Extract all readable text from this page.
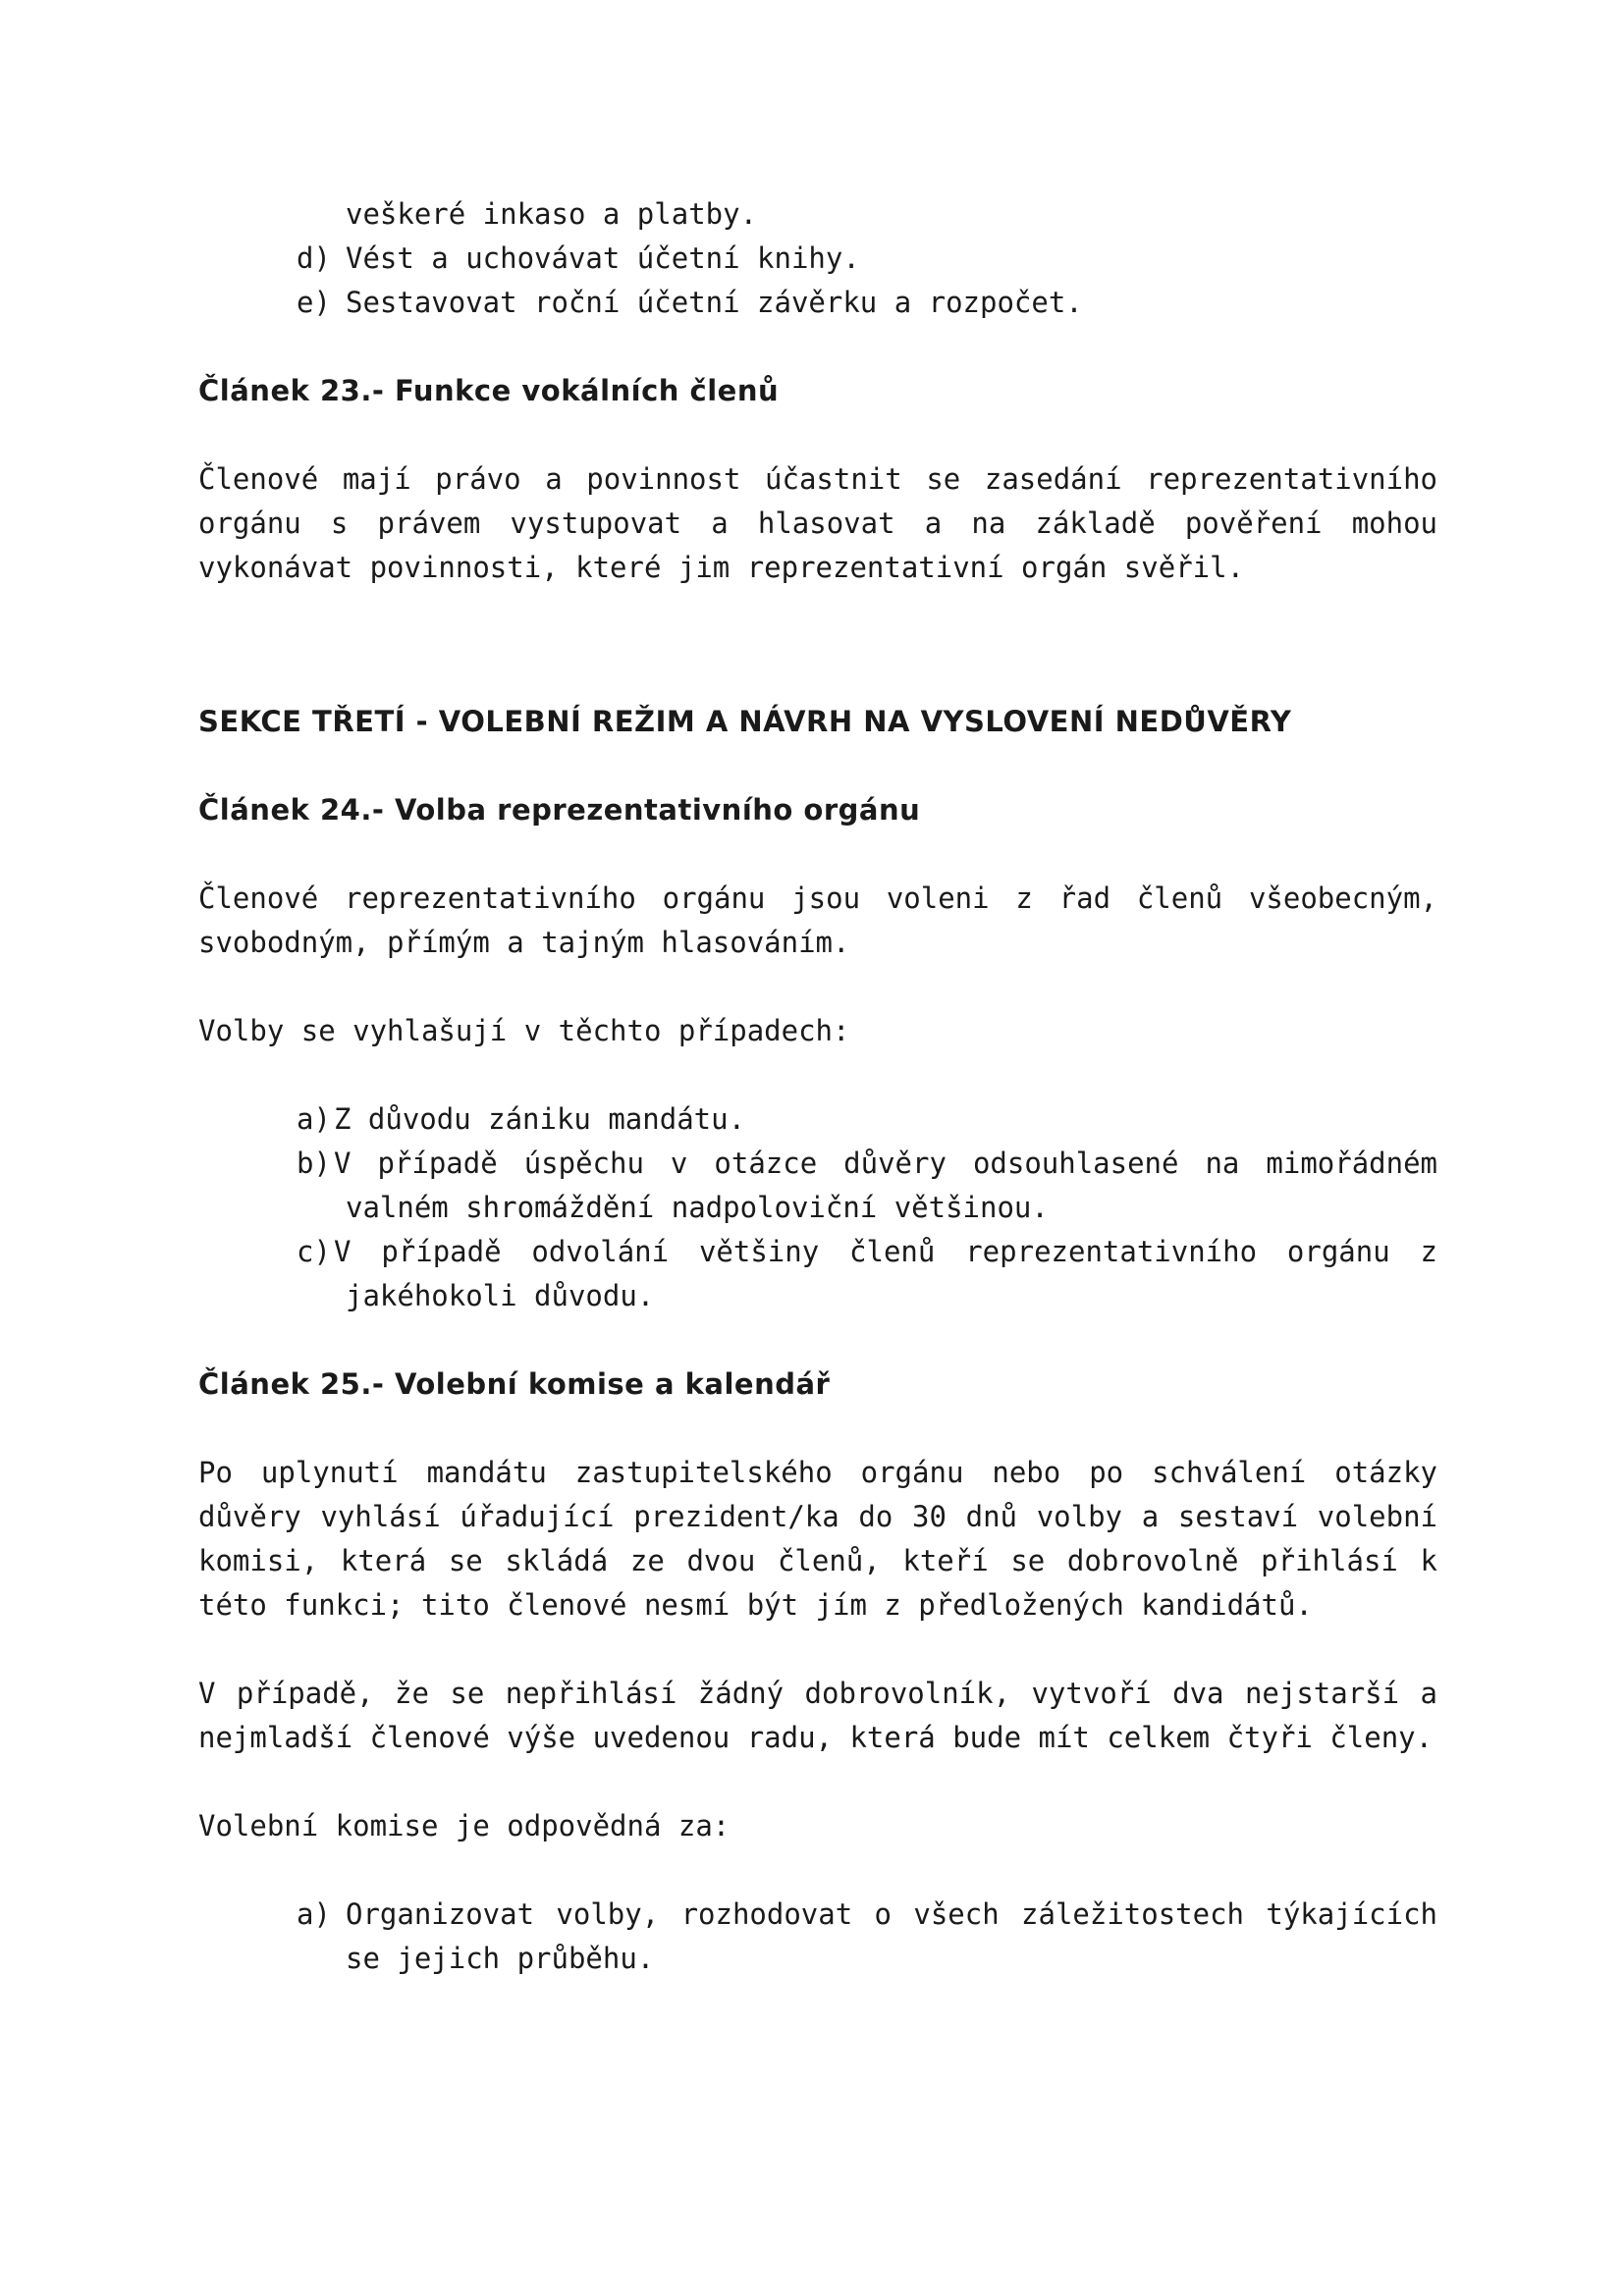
veškeré inkaso a platby.

d) Vést a uchovávat účetní knihy.
e) Sestavovat roční účetní závěrku a rozpočet.
Článek 23.- Funkce vokálních členů

Členové mají právo a povinnost účastnit se zasedání reprezentativního orgánu s právem vystupovat a hlasovat a na základě pověření mohou vykonávat povinnosti, které jim reprezentativní orgán svěřil.

SEKCE TŘETÍ - VOLEBNÍ REŽIM A NÁVRH NA VYSLOVENÍ NEDŮVĚRY
Článek 24.- Volba reprezentativního orgánu

Členové reprezentativního orgánu jsou voleni z řad členů všeobecným, svobodným, přímým a tajným hlasováním.

Volby se vyhlašují v těchto případech:

a) Z důvodu zániku mandátu.
b) V případě úspěchu v otázce důvěry odsouhlasené na mimořádném valném shromáždění nadpoloviční většinou.
c) V případě odvolání většiny členů reprezentativního orgánu z jakéhokoli důvodu.
Článek 25.- Volební komise a kalendář

Po uplynutí mandátu zastupitelského orgánu nebo po schválení otázky důvěry vyhlásí úřadující prezident/ka do 30 dnů volby a sestaví volební komisi, která se skládá ze dvou členů, kteří se dobrovolně přihlásí k této funkci; tito členové nesmí být jím z předložených kandidátů.

V případě, že se nepřihlásí žádný dobrovolník, vytvoří dva nejstarší a nejmladší členové výše uvedenou radu, která bude mít celkem čtyři členy.

Volební komise je odpovědná za:

a) Organizovat volby, rozhodovat o všech záležitostech týkajících se jejich průběhu.
